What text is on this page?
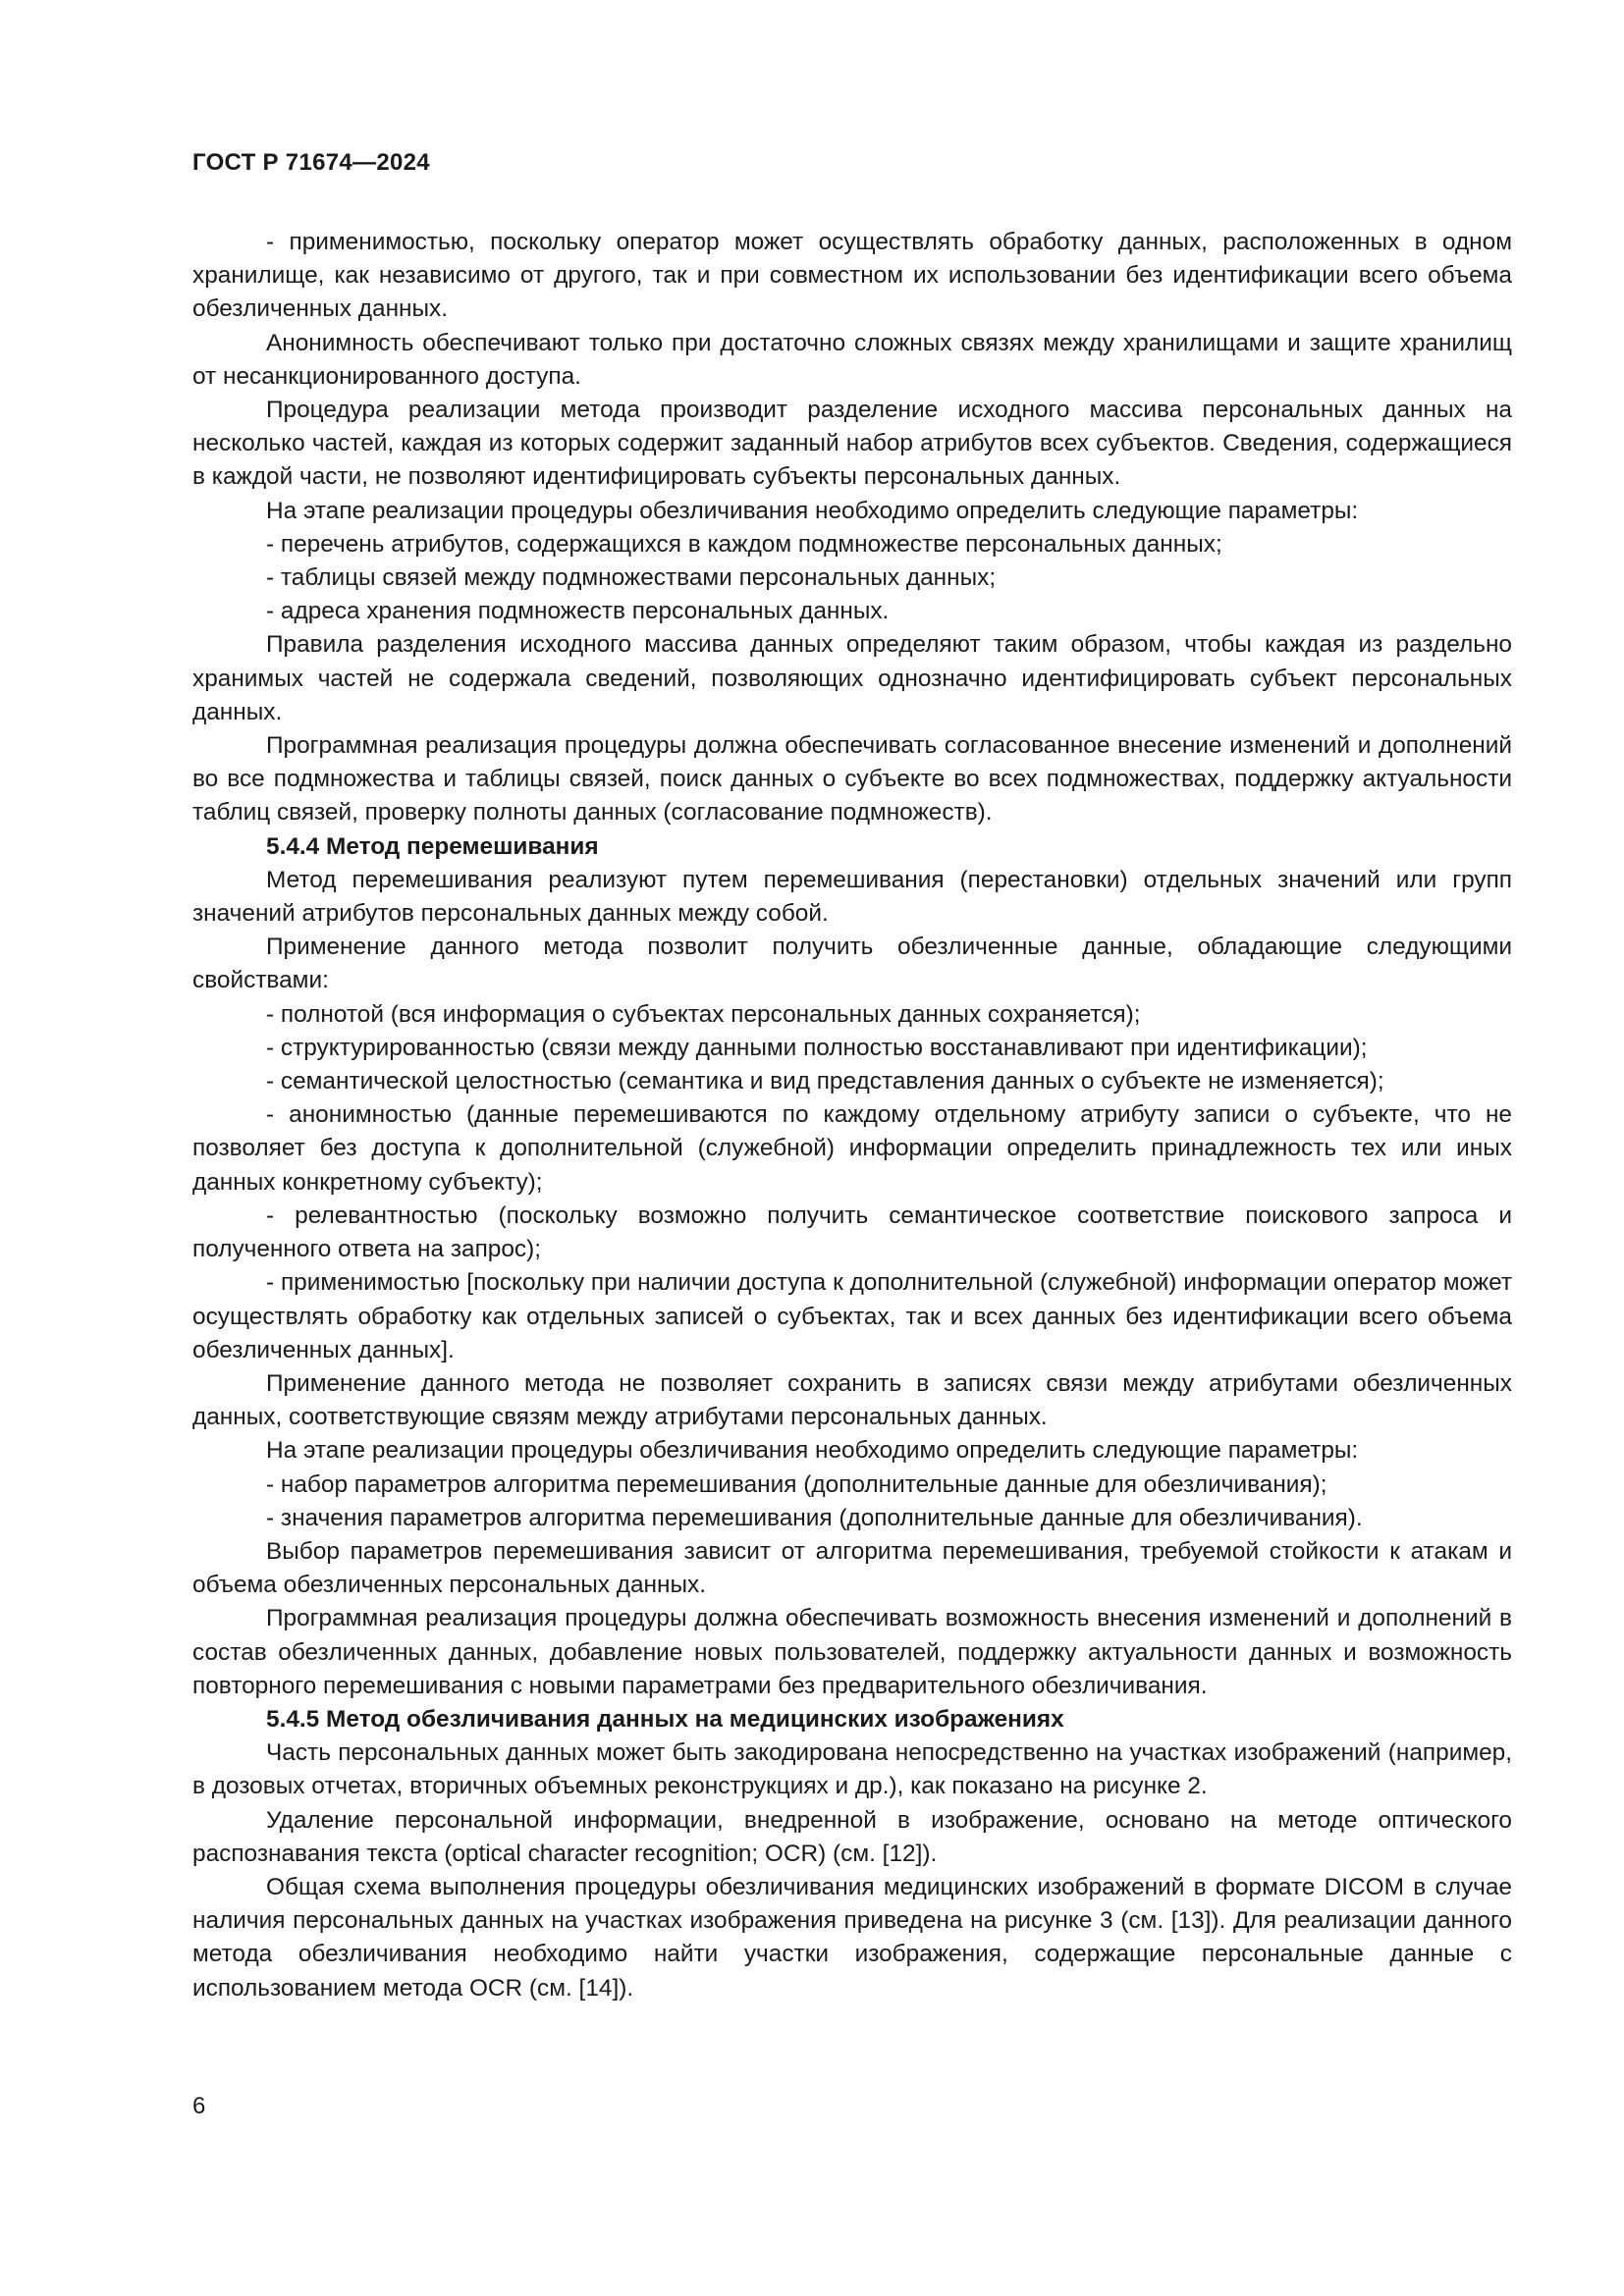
ГОСТ Р 71674—2024

- применимостью, поскольку оператор может осуществлять обработку данных, расположенных в одном хранилище, как независимо от другого, так и при совместном их использовании без идентификации всего объема обезличенных данных.

Анонимность обеспечивают только при достаточно сложных связях между хранилищами и защите хранилищ от несанкционированного доступа.

Процедура реализации метода производит разделение исходного массива персональных данных на несколько частей, каждая из которых содержит заданный набор атрибутов всех субъектов. Сведения, содержащиеся в каждой части, не позволяют идентифицировать субъекты персональных данных.

На этапе реализации процедуры обезличивания необходимо определить следующие параметры:

- перечень атрибутов, содержащихся в каждом подмножестве персональных данных;

- таблицы связей между подмножествами персональных данных;

- адреса хранения подмножеств персональных данных.

Правила разделения исходного массива данных определяют таким образом, чтобы каждая из раздельно хранимых частей не содержала сведений, позволяющих однозначно идентифицировать субъект персональных данных.

Программная реализация процедуры должна обеспечивать согласованное внесение изменений и дополнений во все подмножества и таблицы связей, поиск данных о субъекте во всех подмножествах, поддержку актуальности таблиц связей, проверку полноты данных (согласование подмножеств).

5.4.4 Метод перемешивания

Метод перемешивания реализуют путем перемешивания (перестановки) отдельных значений или групп значений атрибутов персональных данных между собой.

Применение данного метода позволит получить обезличенные данные, обладающие следующими свойствами:

- полнотой (вся информация о субъектах персональных данных сохраняется);

- структурированностью (связи между данными полностью восстанавливают при идентификации);

- семантической целостностью (семантика и вид представления данных о субъекте не изменяется);

- анонимностью (данные перемешиваются по каждому отдельному атрибуту записи о субъекте, что не позволяет без доступа к дополнительной (служебной) информации определить принадлежность тех или иных данных конкретному субъекту);

- релевантностью (поскольку возможно получить семантическое соответствие поискового запроса и полученного ответа на запрос);

- применимостью [поскольку при наличии доступа к дополнительной (служебной) информации оператор может осуществлять обработку как отдельных записей о субъектах, так и всех данных без идентификации всего объема обезличенных данных].

Применение данного метода не позволяет сохранить в записях связи между атрибутами обезличенных данных, соответствующие связям между атрибутами персональных данных.

На этапе реализации процедуры обезличивания необходимо определить следующие параметры:

- набор параметров алгоритма перемешивания (дополнительные данные для обезличивания);

- значения параметров алгоритма перемешивания (дополнительные данные для обезличивания).

Выбор параметров перемешивания зависит от алгоритма перемешивания, требуемой стойкости к атакам и объема обезличенных персональных данных.

Программная реализация процедуры должна обеспечивать возможность внесения изменений и дополнений в состав обезличенных данных, добавление новых пользователей, поддержку актуальности данных и возможность повторного перемешивания с новыми параметрами без предварительного обезличивания.

5.4.5 Метод обезличивания данных на медицинских изображениях

Часть персональных данных может быть закодирована непосредственно на участках изображений (например, в дозовых отчетах, вторичных объемных реконструкциях и др.), как показано на рисунке 2.

Удаление персональной информации, внедренной в изображение, основано на методе оптического распознавания текста (optical character recognition; OCR) (см. [12]).

Общая схема выполнения процедуры обезличивания медицинских изображений в формате DICOM в случае наличия персональных данных на участках изображения приведена на рисунке 3 (см. [13]). Для реализации данного метода обезличивания необходимо найти участки изображения, содержащие персональные данные с использованием метода OCR (см. [14]).

6
